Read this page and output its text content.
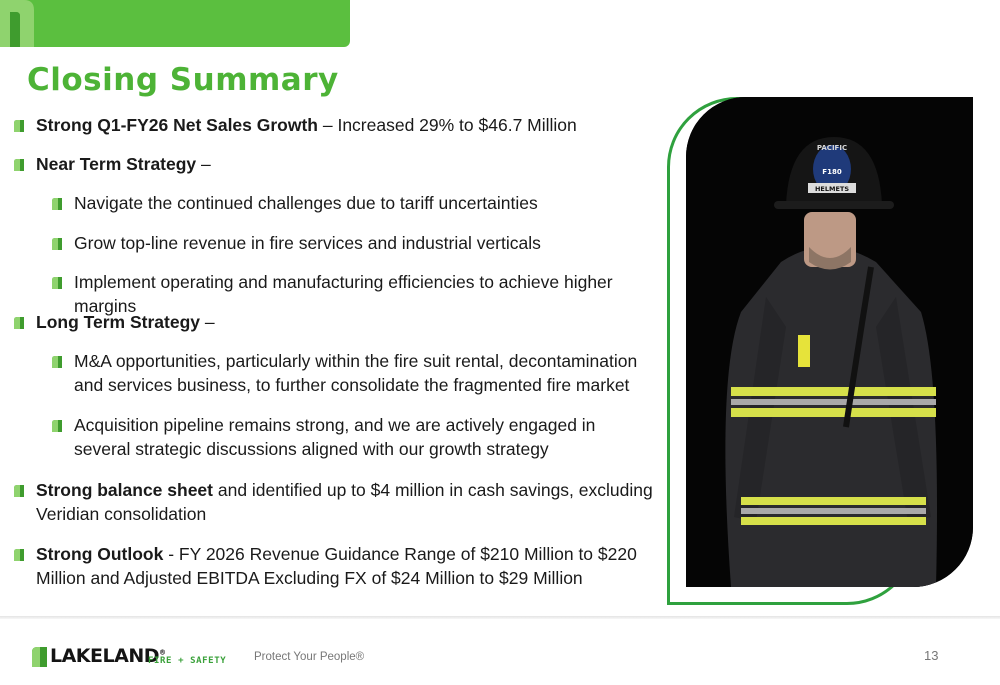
Closing Summary
Strong Q1-FY26 Net Sales Growth – Increased 29% to $46.7 Million
Near Term Strategy –
Navigate the continued challenges due to tariff uncertainties
Grow top-line revenue in fire services and industrial verticals
Implement operating and manufacturing efficiencies to achieve higher margins
Long Term Strategy –
M&A opportunities, particularly within the fire suit rental, decontamination and services business, to further consolidate the fragmented fire market
Acquisition pipeline remains strong, and we are actively engaged in several strategic discussions aligned with our growth strategy
Strong balance sheet and identified up to $4 million in cash savings, excluding Veridian consolidation
Strong Outlook - FY 2026 Revenue Guidance Range of $210 Million to $220 Million and Adjusted EBITDA Excluding FX of $24 Million to $29 Million
PACIFIC
F180
HELMETS
LAKELAND®
FIRE + SAFETY Protect Your People®	13
